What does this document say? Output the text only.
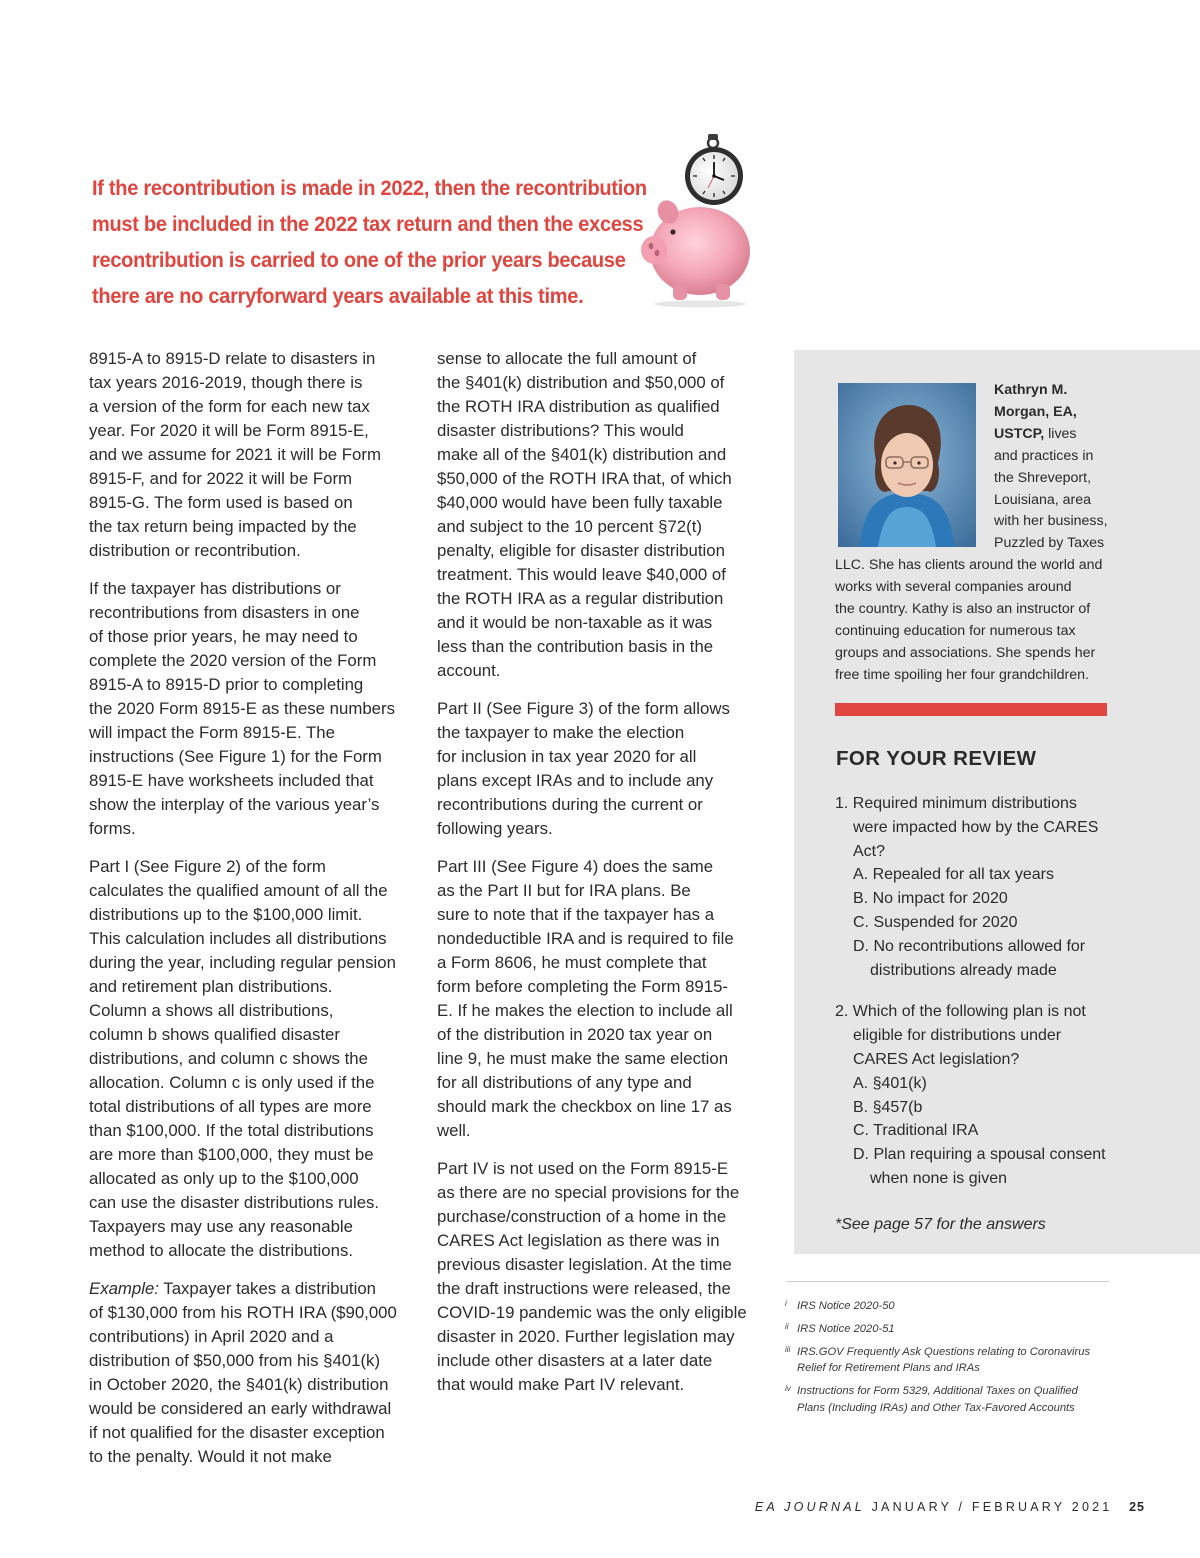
If the recontribution is made in 2022, then the recontribution
must be included in the 2022 tax return and then the excess
recontribution is carried to one of the prior years because
there are no carryforward years available at this time.

8915-A to 8915-D relate to disasters in
tax years 2016-2019, though there is
a version of the form for each new tax
year. For 2020 it will be Form 8915-E,
and we assume for 2021 it will be Form
8915-F, and for 2022 it will be Form
8915-G. The form used is based on
the tax return being impacted by the
distribution or recontribution.

If the taxpayer has distributions or
recontributions from disasters in one
of those prior years, he may need to
complete the 2020 version of the Form
8915-A to 8915-D prior to completing
the 2020 Form 8915-E as these numbers
will impact the Form 8915-E. The
instructions (See Figure 1) for the Form
8915-E have worksheets included that
show the interplay of the various year’s
forms.

Part I (See Figure 2) of the form
calculates the qualified amount of all the
distributions up to the $100,000 limit.
This calculation includes all distributions
during the year, including regular pension
and retirement plan distributions.
Column a shows all distributions,
column b shows qualified disaster
distributions, and column c shows the
allocation. Column c is only used if the
total distributions of all types are more
than $100,000. If the total distributions
are more than $100,000, they must be
allocated as only up to the $100,000
can use the disaster distributions rules.
Taxpayers may use any reasonable
method to allocate the distributions.

Example: Taxpayer takes a distribution
of $130,000 from his ROTH IRA ($90,000
contributions) in April 2020 and a
distribution of $50,000 from his §401(k)
in October 2020, the §401(k) distribution
would be considered an early withdrawal
if not qualified for the disaster exception
to the penalty. Would it not make

sense to allocate the full amount of
the §401(k) distribution and $50,000 of
the ROTH IRA distribution as qualified
disaster distributions? This would
make all of the §401(k) distribution and
$50,000 of the ROTH IRA that, of which
$40,000 would have been fully taxable
and subject to the 10 percent §72(t)
penalty, eligible for disaster distribution
treatment. This would leave $40,000 of
the ROTH IRA as a regular distribution
and it would be non-taxable as it was
less than the contribution basis in the
account.

Part II (See Figure 3) of the form allows
the taxpayer to make the election
for inclusion in tax year 2020 for all
plans except IRAs and to include any
recontributions during the current or
following years.

Part III (See Figure 4) does the same
as the Part II but for IRA plans. Be
sure to note that if the taxpayer has a
nondeductible IRA and is required to file
a Form 8606, he must complete that
form before completing the Form 8915-
E. If he makes the election to include all
of the distribution in 2020 tax year on
line 9, he must make the same election
for all distributions of any type and
should mark the checkbox on line 17 as
well.

Part IV is not used on the Form 8915-E
as there are no special provisions for the
purchase/construction of a home in the
CARES Act legislation as there was in
previous disaster legislation. At the time
the draft instructions were released, the
COVID-19 pandemic was the only eligible
disaster in 2020. Further legislation may
include other disasters at a later date
that would make Part IV relevant.

Kathryn M.
Morgan, EA,
USTCP, lives
and practices in
the Shreveport,
Louisiana, area
with her business,
Puzzled by Taxes
LLC. She has clients around the world and
works with several companies around
the country. Kathy is also an instructor of
continuing education for numerous tax
groups and associations. She spends her
free time spoiling her four grandchildren.
FOR YOUR REVIEW
1. Required minimum distributions
were impacted how by the CARES
Act?
A. Repealed for all tax years
B. No impact for 2020
C. Suspended for 2020
D. No recontributions allowed for
distributions already made
2. Which of the following plan is not
eligible for distributions under
CARES Act legislation?
A. §401(k)
B. §457(b
C. Traditional IRA
D. Plan requiring a spousal consent
when none is given
*See page 57 for the answers
i IRS Notice 2020-50
ii IRS Notice 2020-51
iii IRS.GOV Frequently Ask Questions relating to Coronavirus
Relief for Retirement Plans and IRAs
iv Instructions for Form 5329, Additional Taxes on Qualified
Plans (Including IRAs) and Other Tax-Favored Accounts
EA JOURNAL JANUARY / FEBRUARY 2021 25
